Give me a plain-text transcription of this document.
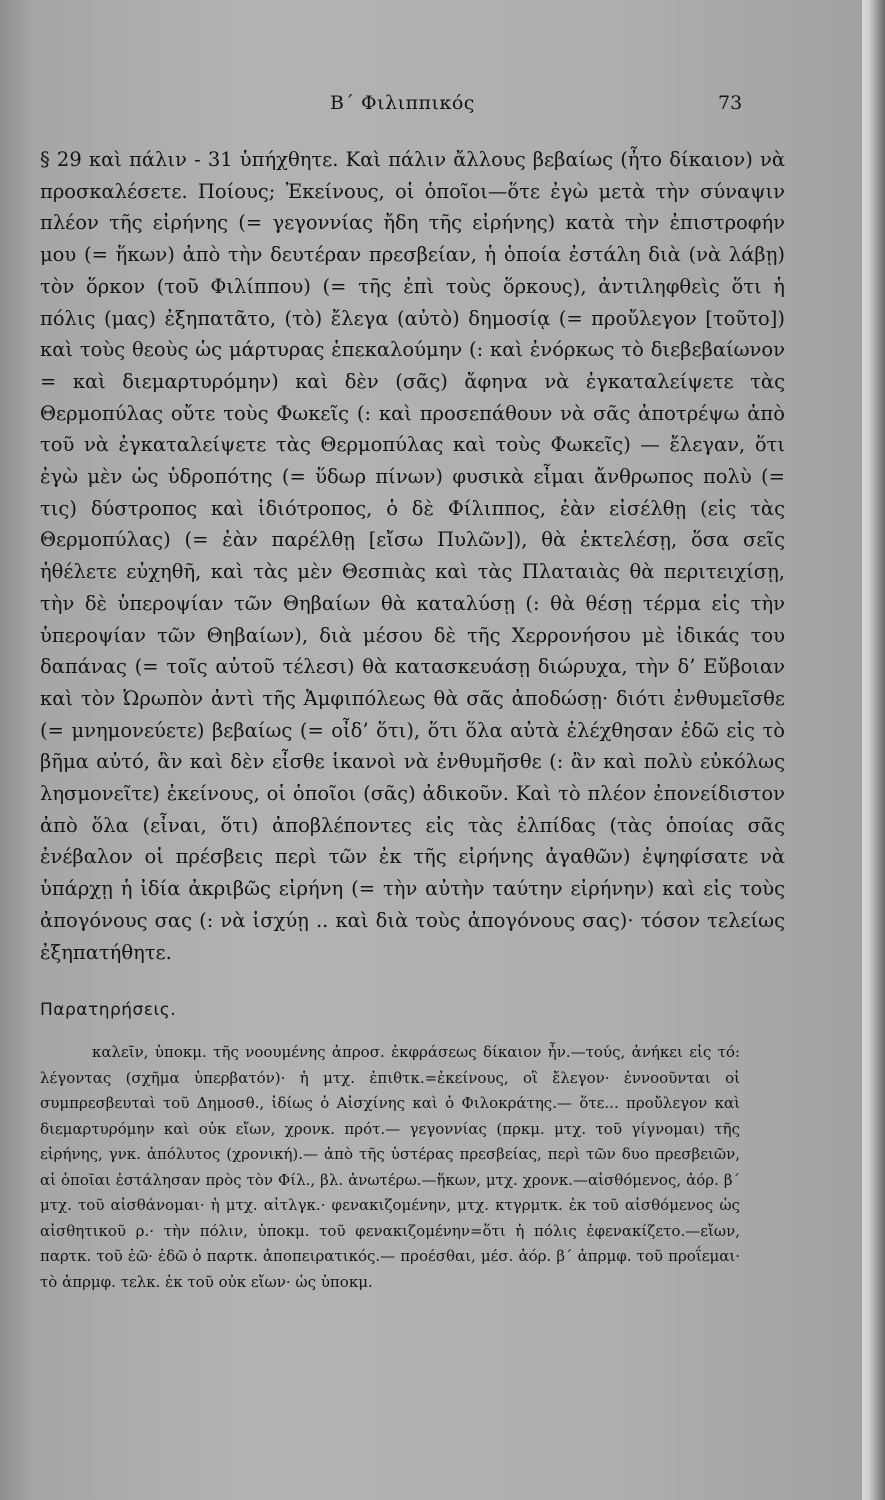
Β΄ Φιλιππικός	73

§ 29 καὶ πάλιν - 31 ὑπήχθητε. Καὶ πάλιν ἄλλους βεβαίως (ἦτο δίκαιον) νὰ προσκαλέσετε. Ποίους; Ἐκείνους, οἱ ὁποῖοι—ὅτε ἐγὼ μετὰ τὴν σύναψιν πλέον τῆς εἰρήνης (= γεγοννίας ἤδη τῆς εἰρήνης) κατὰ τὴν ἐπιστροφήν μου (= ἥκων) ἀπὸ τὴν δευτέραν πρεσβείαν, ἡ ὁποία ἐστάλη διὰ (νὰ λάβῃ) τὸν ὅρκον (τοῦ Φιλίππου) (= τῆς ἐπὶ τοὺς ὅρκους), ἀντιληφθεὶς ὅτι ἡ πόλις (μας) ἐξηπατᾶτο, (τὸ) ἔλεγα (αὐτὸ) δημοσίᾳ (= προὔλεγον [τοῦτο]) καὶ τοὺς θεοὺς ὡς μάρτυρας ἐπεκαλούμην (: καὶ ἐνόρκως τὸ διεβεβαίωνον = καὶ διεμαρτυρόμην) καὶ δὲν (σᾶς) ἄφηνα νὰ ἐγκαταλείψετε τὰς Θερμοπύλας οὔτε τοὺς Φωκεῖς (: καὶ προσεπάθουν νὰ σᾶς ἀποτρέψω ἀπὸ τοῦ νὰ ἐγκαταλείψετε τὰς Θερμοπύλας καὶ τοὺς Φωκεῖς) — ἔλεγαν, ὅτι ἐγὼ μὲν ὡς ὑδροπότης (= ὕδωρ πίνων) φυσικὰ εἶμαι ἄνθρωπος πολὺ (= τις) δύστροπος καὶ ἰδιότροπος, ὁ δὲ Φίλιππος, ἐὰν εἰσέλθῃ (εἰς τὰς Θερμοπύλας) (= ἐὰν παρέλθῃ [εἴσω Πυλῶν]), θὰ ἐκτελέσῃ, ὅσα σεῖς ἠθέλετε εὐχηθῆ, καὶ τὰς μὲν Θεσπιὰς καὶ τὰς Πλαταιὰς θὰ περιτειχίσῃ, τὴν δὲ ὑπεροψίαν τῶν Θηβαίων θὰ καταλύσῃ (: θὰ θέσῃ τέρμα εἰς τὴν ὑπεροψίαν τῶν Θηβαίων), διὰ μέσου δὲ τῆς Χερρονήσου μὲ ἰδικάς του δαπάνας (= τοῖς αὐτοῦ τέλεσι) θὰ κατασκευάσῃ διώρυχα, τὴν δ’ Εὔβοιαν καὶ τὸν Ὠρωπὸν ἀντὶ τῆς Ἀμφιπόλεως θὰ σᾶς ἀποδώσῃ· διότι ἐνθυμεῖσθε (= μνημονεύετε) βεβαίως (= οἶδ’ ὅτι), ὅτι ὅλα αὐτὰ ἐλέχθησαν ἐδῶ εἰς τὸ βῆμα αὐτό, ἂν καὶ δὲν εἶσθε ἱκανοὶ νὰ ἐνθυμῆσθε (: ἂν καὶ πολὺ εὐκόλως λησμονεῖτε) ἐκείνους, οἱ ὁποῖοι (σᾶς) ἀδικοῦν. Καὶ τὸ πλέον ἐπονείδιστον ἀπὸ ὅλα (εἶναι, ὅτι) ἀποβλέποντες εἰς τὰς ἐλπίδας (τὰς ὁποίας σᾶς ἐνέβαλον οἱ πρέσβεις περὶ τῶν ἐκ τῆς εἰρήνης ἀγαθῶν) ἐψηφίσατε νὰ ὑπάρχῃ ἡ ἰδία ἀκριβῶς εἰρήνη (= τὴν αὐτὴν ταύτην εἰρήνην) καὶ εἰς τοὺς ἀπογόνους σας (: νὰ ἰσχύῃ .. καὶ διὰ τοὺς ἀπογόνους σας)· τόσον τελείως ἐξηπατήθητε.

Παρατηρήσεις.

καλεῖν, ὑποκμ. τῆς νοουμένης ἀπροσ. ἐκφράσεως δίκαιον ἦν.—τούς, ἀνήκει εἰς τό: λέγοντας (σχῆμα ὑπερβατόν)· ἡ μτχ. ἐπιθτκ.=ἐκείνους, οἳ ἔλεγον· ἐννοοῦνται οἱ συμπρεσβευταὶ τοῦ Δημοσθ., ἰδίως ὁ Αἰσχίνης καὶ ὁ Φιλοκράτης.— ὅτε... προὔλεγον καὶ διεμαρτυρόμην καὶ οὐκ εἴων, χρονκ. πρότ.— γεγοννίας (πρκμ. μτχ. τοῦ γίγνομαι) τῆς εἰρήνης, γνκ. ἀπόλυτος (χρονική).— ἀπὸ τῆς ὑστέρας πρεσβείας, περὶ τῶν δυο πρεσβειῶν, αἱ ὁποῖαι ἐστάλησαν πρὸς τὸν Φίλ., βλ. ἀνωτέρω.—ἥκων, μτχ. χρονκ.—αἰσθόμενος, ἀόρ. β΄ μτχ. τοῦ αἰσθάνομαι· ἡ μτχ. αἰτλγκ.· φενακιζομένην, μτχ. κτγρμτκ. ἐκ τοῦ αἰσθόμενος ὡς αἰσθητικοῦ ρ.· τὴν πόλιν, ὑποκμ. τοῦ φενακιζομένην=ὅτι ἡ πόλις ἐφενακίζετο.—εἴων, παρτκ. τοῦ ἐῶ· ἐδῶ ὁ παρτκ. ἀποπειρατικός.— προέσθαι, μέσ. ἀόρ. β΄ ἀπρμφ. τοῦ προΐεμαι· τὸ ἀπρμφ. τελκ. ἐκ τοῦ οὐκ εἴων· ὡς ὑποκμ.
